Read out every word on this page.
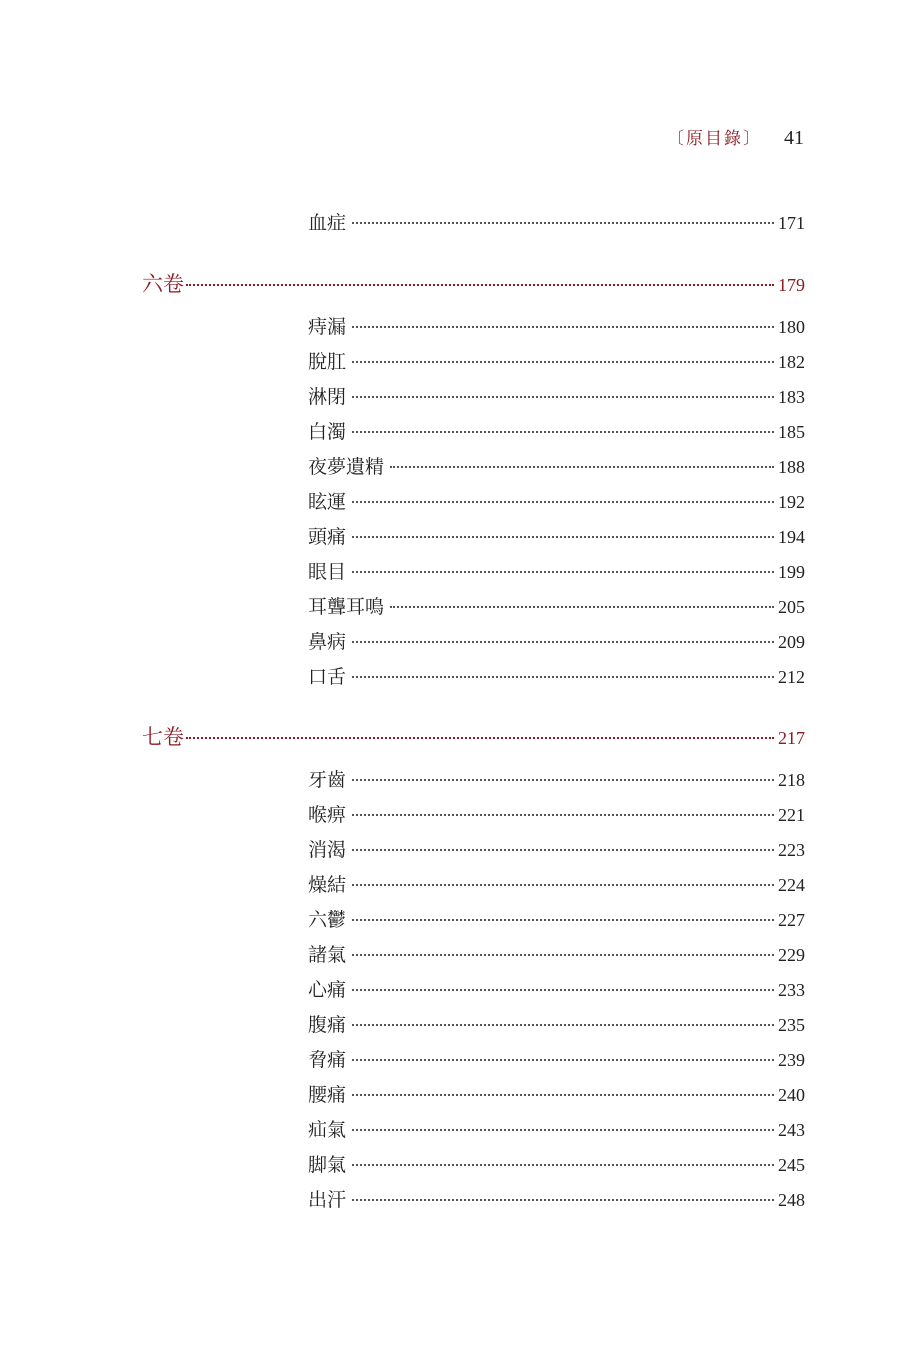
〔原目錄〕 41
血症	171
六卷	179
痔漏	180
脫肛	182
淋閉	183
白濁	185
夜夢遺精	188
眩運	192
頭痛	194
眼目	199
耳聾耳鳴	205
鼻病	209
口舌	212
七卷	217
牙齒	218
喉痹	221
消渴	223
燥結	224
六鬱	227
諸氣	229
心痛	233
腹痛	235
脅痛	239
腰痛	240
疝氣	243
脚氣	245
出汗	248
